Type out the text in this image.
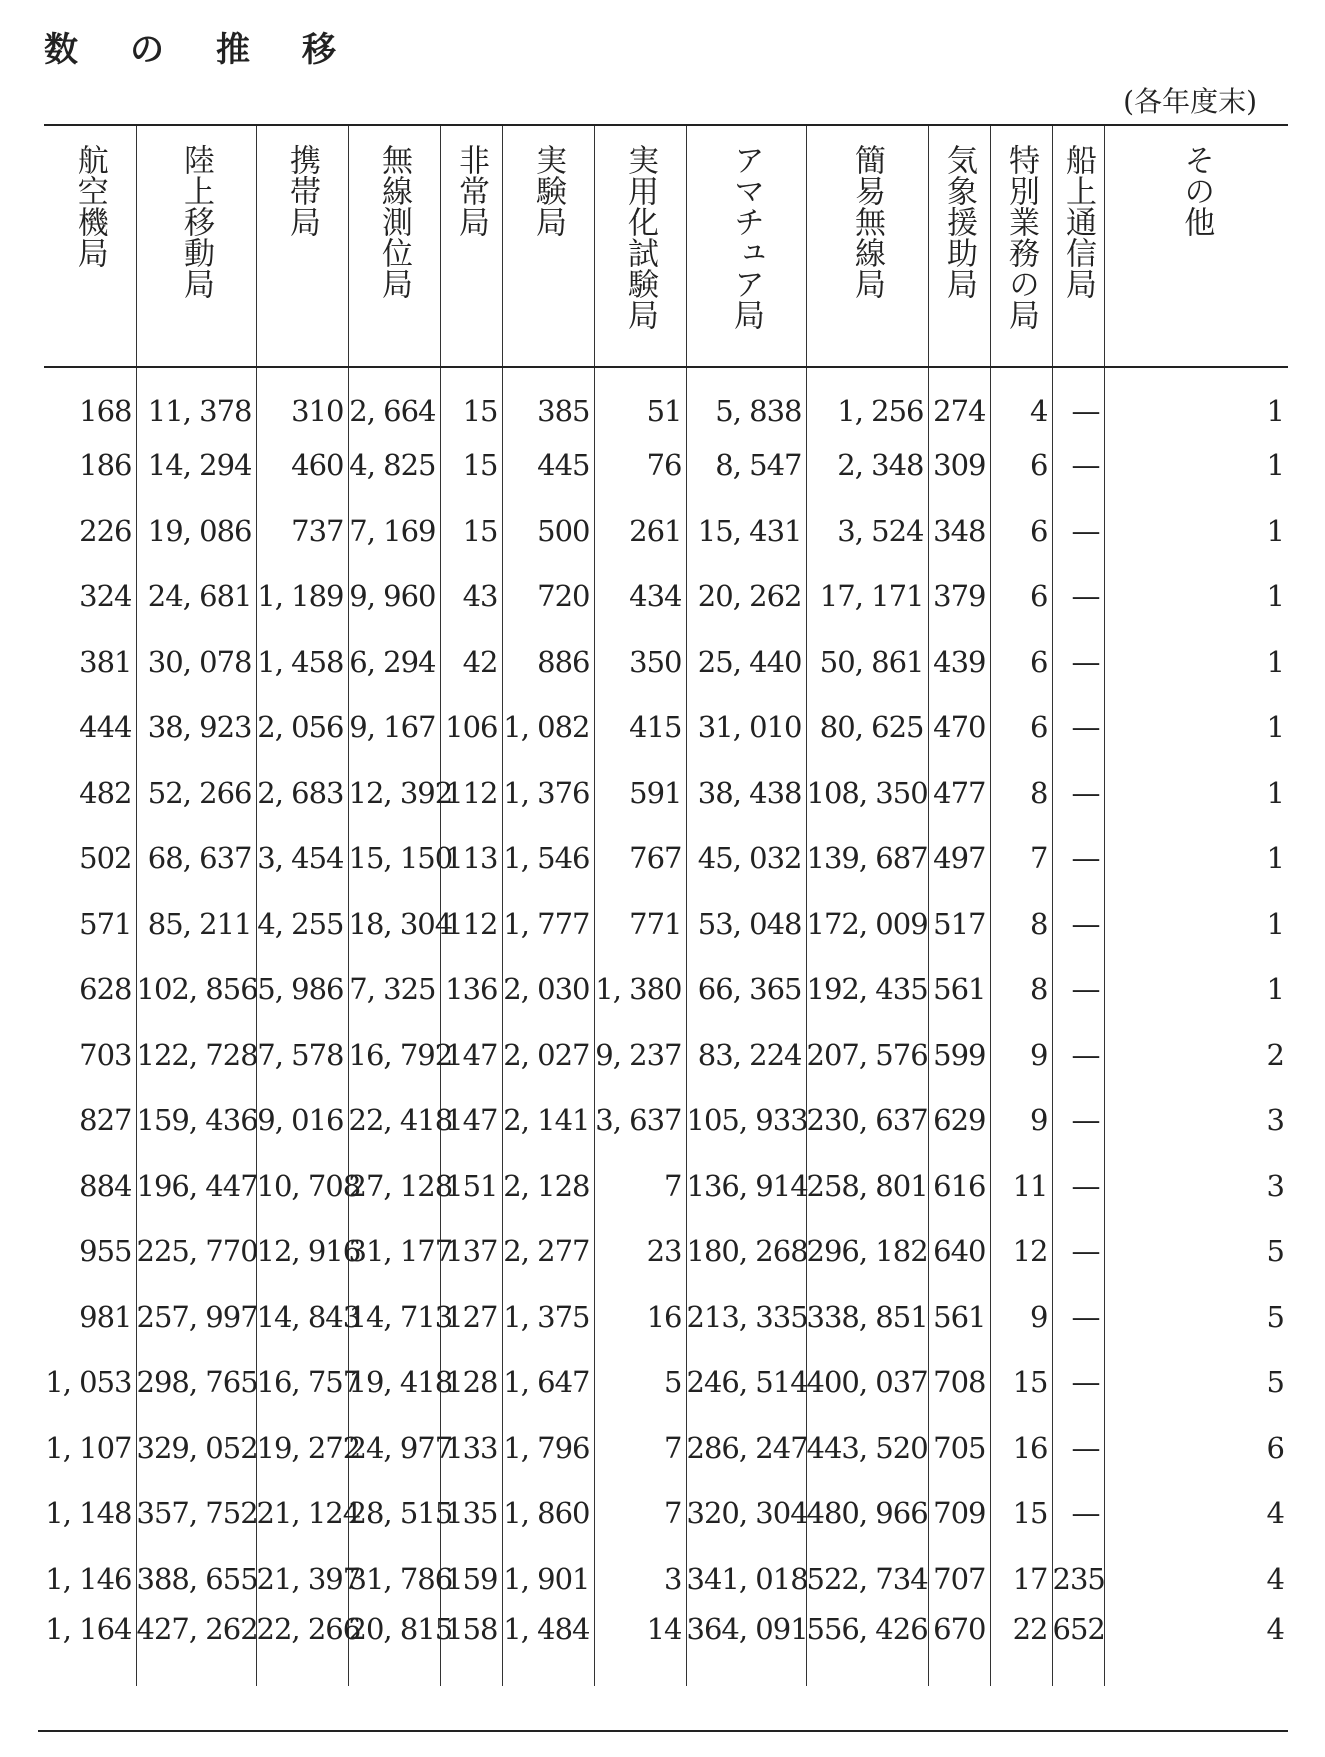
数の推移
(各年度末)
航空機局	陸上移動局	携帯局	無線測位局	非常局	実験局	実用化試験局	アマチュア局	簡易無線局	気象援助局	特別業務の局	船上通信局	その他
168	11, 378	310	2, 664	15	385	51	5, 838	1, 256	274	4	—	1
186	14, 294	460	4, 825	15	445	76	8, 547	2, 348	309	6	—	1
226	19, 086	737	7, 169	15	500	261	15, 431	3, 524	348	6	—	1
324	24, 681	1, 189	9, 960	43	720	434	20, 262	17, 171	379	6	—	1
381	30, 078	1, 458	6, 294	42	886	350	25, 440	50, 861	439	6	—	1
444	38, 923	2, 056	9, 167	106	1, 082	415	31, 010	80, 625	470	6	—	1
482	52, 266	2, 683	12, 392	112	1, 376	591	38, 438	108, 350	477	8	—	1
502	68, 637	3, 454	15, 150	113	1, 546	767	45, 032	139, 687	497	7	—	1
571	85, 211	4, 255	18, 304	112	1, 777	771	53, 048	172, 009	517	8	—	1
628	102, 856	5, 986	7, 325	136	2, 030	1, 380	66, 365	192, 435	561	8	—	1
703	122, 728	7, 578	16, 792	147	2, 027	9, 237	83, 224	207, 576	599	9	—	2
827	159, 436	9, 016	22, 418	147	2, 141	3, 637	105, 933	230, 637	629	9	—	3
884	196, 447	10, 708	27, 128	151	2, 128	7	136, 914	258, 801	616	11	—	3
955	225, 770	12, 916	31, 177	137	2, 277	23	180, 268	296, 182	640	12	—	5
981	257, 997	14, 843	14, 713	127	1, 375	16	213, 335	338, 851	561	9	—	5
1, 053	298, 765	16, 757	19, 418	128	1, 647	5	246, 514	400, 037	708	15	—	5
1, 107	329, 052	19, 272	24, 977	133	1, 796	7	286, 247	443, 520	705	16	—	6
1, 148	357, 752	21, 124	28, 515	135	1, 860	7	320, 304	480, 966	709	15	—	4
1, 146	388, 655	21, 397	31, 786	159	1, 901	3	341, 018	522, 734	707	17	235	4
1, 164	427, 262	22, 266	20, 815	158	1, 484	14	364, 091	556, 426	670	22	652	4
